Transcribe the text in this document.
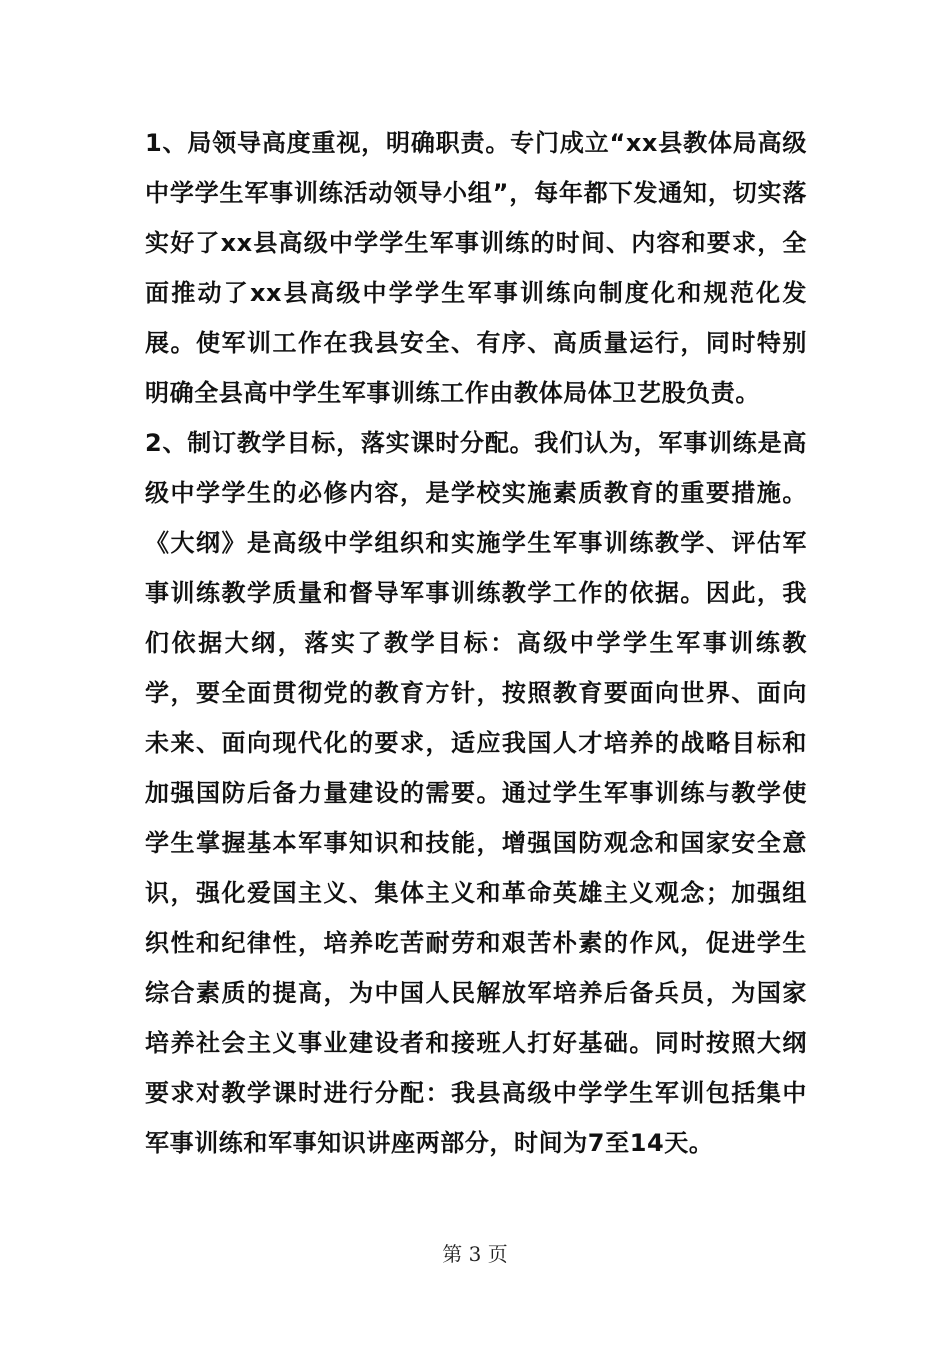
1、局领导高度重视，明确职责。专门成立“xx县教体局高级中学学生军事训练活动领导小组”，每年都下发通知，切实落实好了xx县高级中学学生军事训练的时间、内容和要求，全面推动了xx县高级中学学生军事训练向制度化和规范化发展。使军训工作在我县安全、有序、高质量运行，同时特别明确全县高中学生军事训练工作由教体局体卫艺股负责。

2、制订教学目标，落实课时分配。我们认为，军事训练是高级中学学生的必修内容，是学校实施素质教育的重要措施。《大纲》是高级中学组织和实施学生军事训练教学、评估军事训练教学质量和督导军事训练教学工作的依据。因此，我们依据大纲，落实了教学目标：高级中学学生军事训练教学，要全面贯彻党的教育方针，按照教育要面向世界、面向未来、面向现代化的要求，适应我国人才培养的战略目标和加强国防后备力量建设的需要。通过学生军事训练与教学使学生掌握基本军事知识和技能，增强国防观念和国家安全意识，强化爱国主义、集体主义和革命英雄主义观念；加强组织性和纪律性，培养吃苦耐劳和艰苦朴素的作风，促进学生综合素质的提高，为中国人民解放军培养后备兵员，为国家培养社会主义事业建设者和接班人打好基础。同时按照大纲要求对教学课时进行分配：我县高级中学学生军训包括集中军事训练和军事知识讲座两部分，时间为7至14天。

第 3 页
